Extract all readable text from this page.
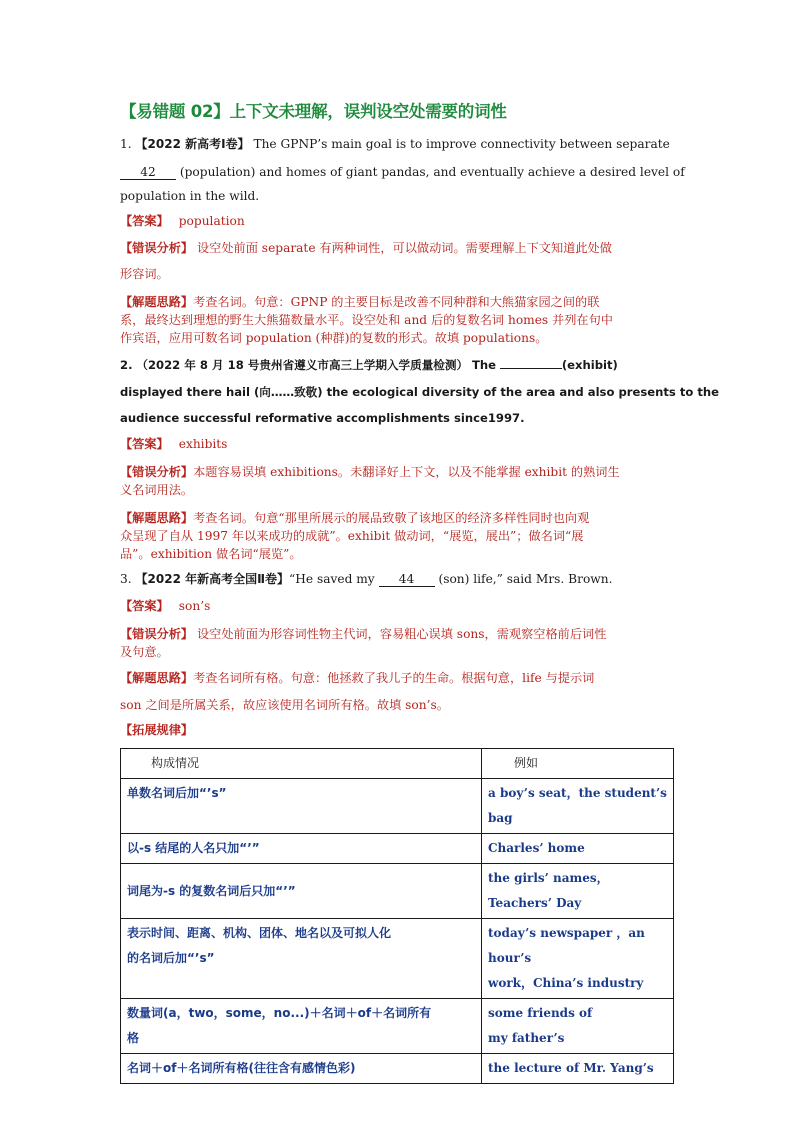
【易错题 02】上下文未理解，误判设空处需要的词性
1. 【2022 新高考Ⅰ卷】 The GPNP’s main goal is to improve connectivity between separate
42 (population) and homes of giant pandas, and eventually achieve a desired level of
population in the wild.
【答案】 population
【错误分析】 设空处前面 separate 有两种词性，可以做动词。需要理解上下文知道此处做
形容词。
【解题思路】考查名词。句意：GPNP 的主要目标是改善不同种群和大熊猫家园之间的联
系，最终达到理想的野生大熊猫数量水平。设空处和 and 后的复数名词 homes 并列在句中
作宾语，应用可数名词 population (种群)的复数的形式。故填 populations。
2. （2022 年 8 月 18 号贵州省遵义市高三上学期入学质量检测） The	(exhibit)
displayed there hail (向……致敬) the ecological diversity of the area and also presents to the
audience successful reformative accomplishments since1997.
【答案】 exhibits
【错误分析】本题容易误填 exhibitions。未翻译好上下文，以及不能掌握 exhibit 的熟词生
义名词用法。
【解题思路】考查名词。句意“那里所展示的展品致敬了该地区的经济多样性同时也向观
众呈现了自从 1997 年以来成功的成就”。exhibit 做动词，“展览，展出”；做名词“展
品”。exhibition 做名词“展览”。
3. 【2022 年新高考全国Ⅱ卷】“He saved my 44 (son) life,” said Mrs. Brown.
【答案】 son’s
【错误分析】 设空处前面为形容词性物主代词，容易粗心误填 sons，需观察空格前后词性
及句意。
【解题思路】考查名词所有格。句意：他拯救了我儿子的生命。根据句意，life 与提示词
son 之间是所属关系，故应该使用名词所有格。故填 son’s。
【拓展规律】
构成情况	例如
单数名词后加“’s”	a boy’s seat，the student’s bag
以-s 结尾的人名只加“’”	Charles’ home
词尾为-s 的复数名词后只加“’”	the girls’ names，
Teachers’ Day
表示时间、距离、机构、团体、地名以及可拟人化
的名词后加“’s”	today’s newspaper ，an hour’s
work，China’s industry
数量词(a，two，some，no...)＋名词＋of＋名词所有
格	some friends of
my father’s
名词＋of＋名词所有格(往往含有感情色彩)	the lecture of Mr. Yang’s
